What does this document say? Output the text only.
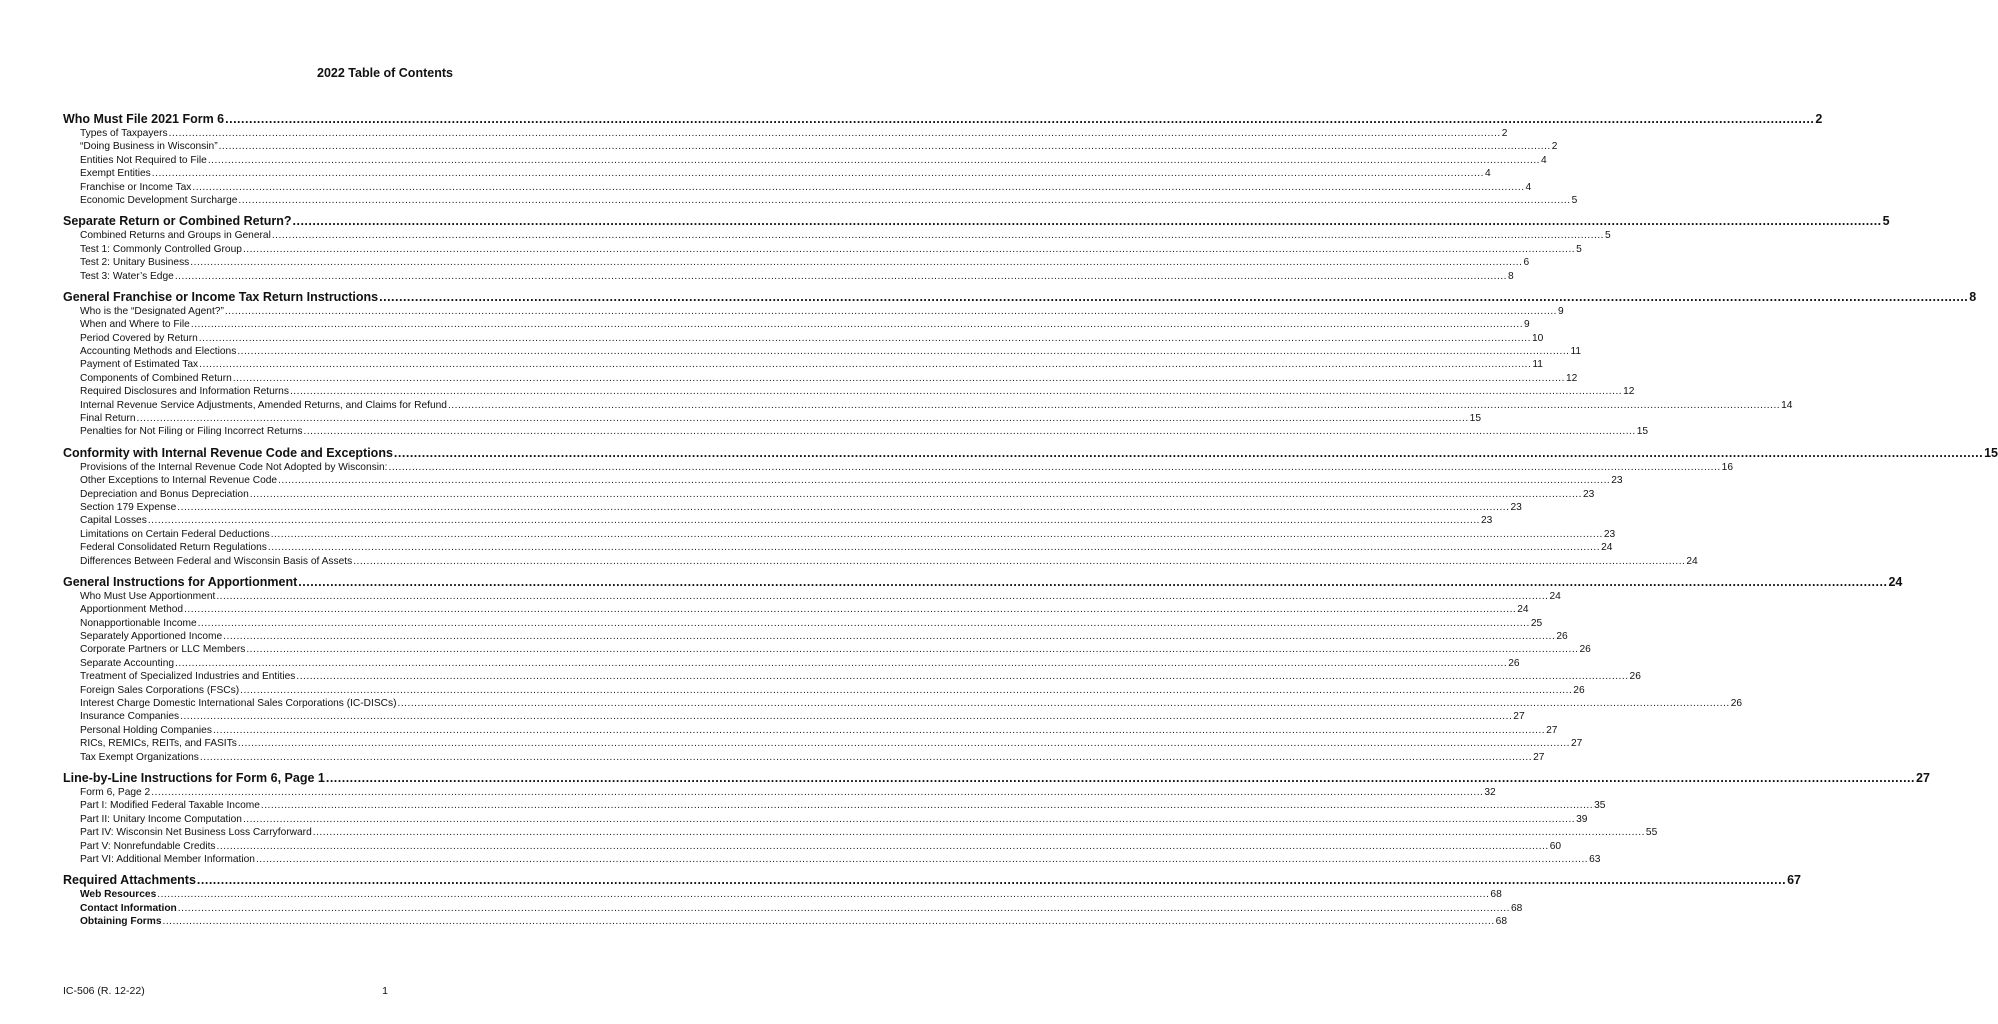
2022 Table of Contents
Who Must File 2021 Form 6 ................................................................................................................................................................................................................................................................................................................................................................................................................ 2
Types of Taxpayers ................................................................................................................................................................................................................................................................................................................................................................................................................ 2
“Doing Business in Wisconsin” ................................................................................................................................................................................................................................................................................................................................................................................................................ 2
Entities Not Required to File ................................................................................................................................................................................................................................................................................................................................................................................................................ 4
Exempt Entities ................................................................................................................................................................................................................................................................................................................................................................................................................ 4
Franchise or Income Tax ................................................................................................................................................................................................................................................................................................................................................................................................................ 4
Economic Development Surcharge ................................................................................................................................................................................................................................................................................................................................................................................................................ 5
Separate Return or Combined Return? ................................................................................................................................................................................................................................................................................................................................................................................................................ 5
Combined Returns and Groups in General ................................................................................................................................................................................................................................................................................................................................................................................................................ 5
Test 1: Commonly Controlled Group ................................................................................................................................................................................................................................................................................................................................................................................................................ 5
Test 2: Unitary Business ................................................................................................................................................................................................................................................................................................................................................................................................................ 6
Test 3: Water’s Edge ................................................................................................................................................................................................................................................................................................................................................................................................................ 8
General Franchise or Income Tax Return Instructions ................................................................................................................................................................................................................................................................................................................................................................................................................ 8
Who is the “Designated Agent?” ................................................................................................................................................................................................................................................................................................................................................................................................................ 9
When and Where to File ................................................................................................................................................................................................................................................................................................................................................................................................................ 9
Period Covered by Return ................................................................................................................................................................................................................................................................................................................................................................................................................ 10
Accounting Methods and Elections ................................................................................................................................................................................................................................................................................................................................................................................................................ 11
Payment of Estimated Tax ................................................................................................................................................................................................................................................................................................................................................................................................................ 11
Components of Combined Return ................................................................................................................................................................................................................................................................................................................................................................................................................ 12
Required Disclosures and Information Returns ................................................................................................................................................................................................................................................................................................................................................................................................................ 12
Internal Revenue Service Adjustments, Amended Returns, and Claims for Refund ................................................................................................................................................................................................................................................................................................................................................................................................................ 14
Final Return ................................................................................................................................................................................................................................................................................................................................................................................................................ 15
Penalties for Not Filing or Filing Incorrect Returns ................................................................................................................................................................................................................................................................................................................................................................................................................ 15
Conformity with Internal Revenue Code and Exceptions ................................................................................................................................................................................................................................................................................................................................................................................................................ 15
Provisions of the Internal Revenue Code Not Adopted by Wisconsin: ................................................................................................................................................................................................................................................................................................................................................................................................................ 16
Other Exceptions to Internal Revenue Code ................................................................................................................................................................................................................................................................................................................................................................................................................ 23
Depreciation and Bonus Depreciation ................................................................................................................................................................................................................................................................................................................................................................................................................ 23
Section 179 Expense ................................................................................................................................................................................................................................................................................................................................................................................................................ 23
Capital Losses ................................................................................................................................................................................................................................................................................................................................................................................................................ 23
Limitations on Certain Federal Deductions ................................................................................................................................................................................................................................................................................................................................................................................................................ 23
Federal Consolidated Return Regulations ................................................................................................................................................................................................................................................................................................................................................................................................................ 24
Differences Between Federal and Wisconsin Basis of Assets ................................................................................................................................................................................................................................................................................................................................................................................................................ 24
General Instructions for Apportionment ................................................................................................................................................................................................................................................................................................................................................................................................................ 24
Who Must Use Apportionment ................................................................................................................................................................................................................................................................................................................................................................................................................ 24
Apportionment Method ................................................................................................................................................................................................................................................................................................................................................................................................................ 24
Nonapportionable Income ................................................................................................................................................................................................................................................................................................................................................................................................................ 25
Separately Apportioned Income ................................................................................................................................................................................................................................................................................................................................................................................................................ 26
Corporate Partners or LLC Members ................................................................................................................................................................................................................................................................................................................................................................................................................ 26
Separate Accounting ................................................................................................................................................................................................................................................................................................................................................................................................................ 26
Treatment of Specialized Industries and Entities ................................................................................................................................................................................................................................................................................................................................................................................................................ 26
Foreign Sales Corporations (FSCs) ................................................................................................................................................................................................................................................................................................................................................................................................................ 26
Interest Charge Domestic International Sales Corporations (IC-DISCs) ................................................................................................................................................................................................................................................................................................................................................................................................................ 26
Insurance Companies ................................................................................................................................................................................................................................................................................................................................................................................................................ 27
Personal Holding Companies ................................................................................................................................................................................................................................................................................................................................................................................................................ 27
RICs, REMICs, REITs, and FASITs ................................................................................................................................................................................................................................................................................................................................................................................................................ 27
Tax Exempt Organizations ................................................................................................................................................................................................................................................................................................................................................................................................................ 27
Line-by-Line Instructions for Form 6, Page 1 ................................................................................................................................................................................................................................................................................................................................................................................................................ 27
Form 6, Page 2 ................................................................................................................................................................................................................................................................................................................................................................................................................ 32
Part I: Modified Federal Taxable Income ................................................................................................................................................................................................................................................................................................................................................................................................................ 35
Part II: Unitary Income Computation ................................................................................................................................................................................................................................................................................................................................................................................................................ 39
Part IV: Wisconsin Net Business Loss Carryforward ................................................................................................................................................................................................................................................................................................................................................................................................................ 55
Part V: Nonrefundable Credits ................................................................................................................................................................................................................................................................................................................................................................................................................ 60
Part VI: Additional Member Information ................................................................................................................................................................................................................................................................................................................................................................................................................ 63
Required Attachments ................................................................................................................................................................................................................................................................................................................................................................................................................ 67
Web Resources ................................................................................................................................................................................................................................................................................................................................................................................................................ 68
Contact Information ................................................................................................................................................................................................................................................................................................................................................................................................................ 68
Obtaining Forms ................................................................................................................................................................................................................................................................................................................................................................................................................ 68
IC-506 (R. 12-22)	1
